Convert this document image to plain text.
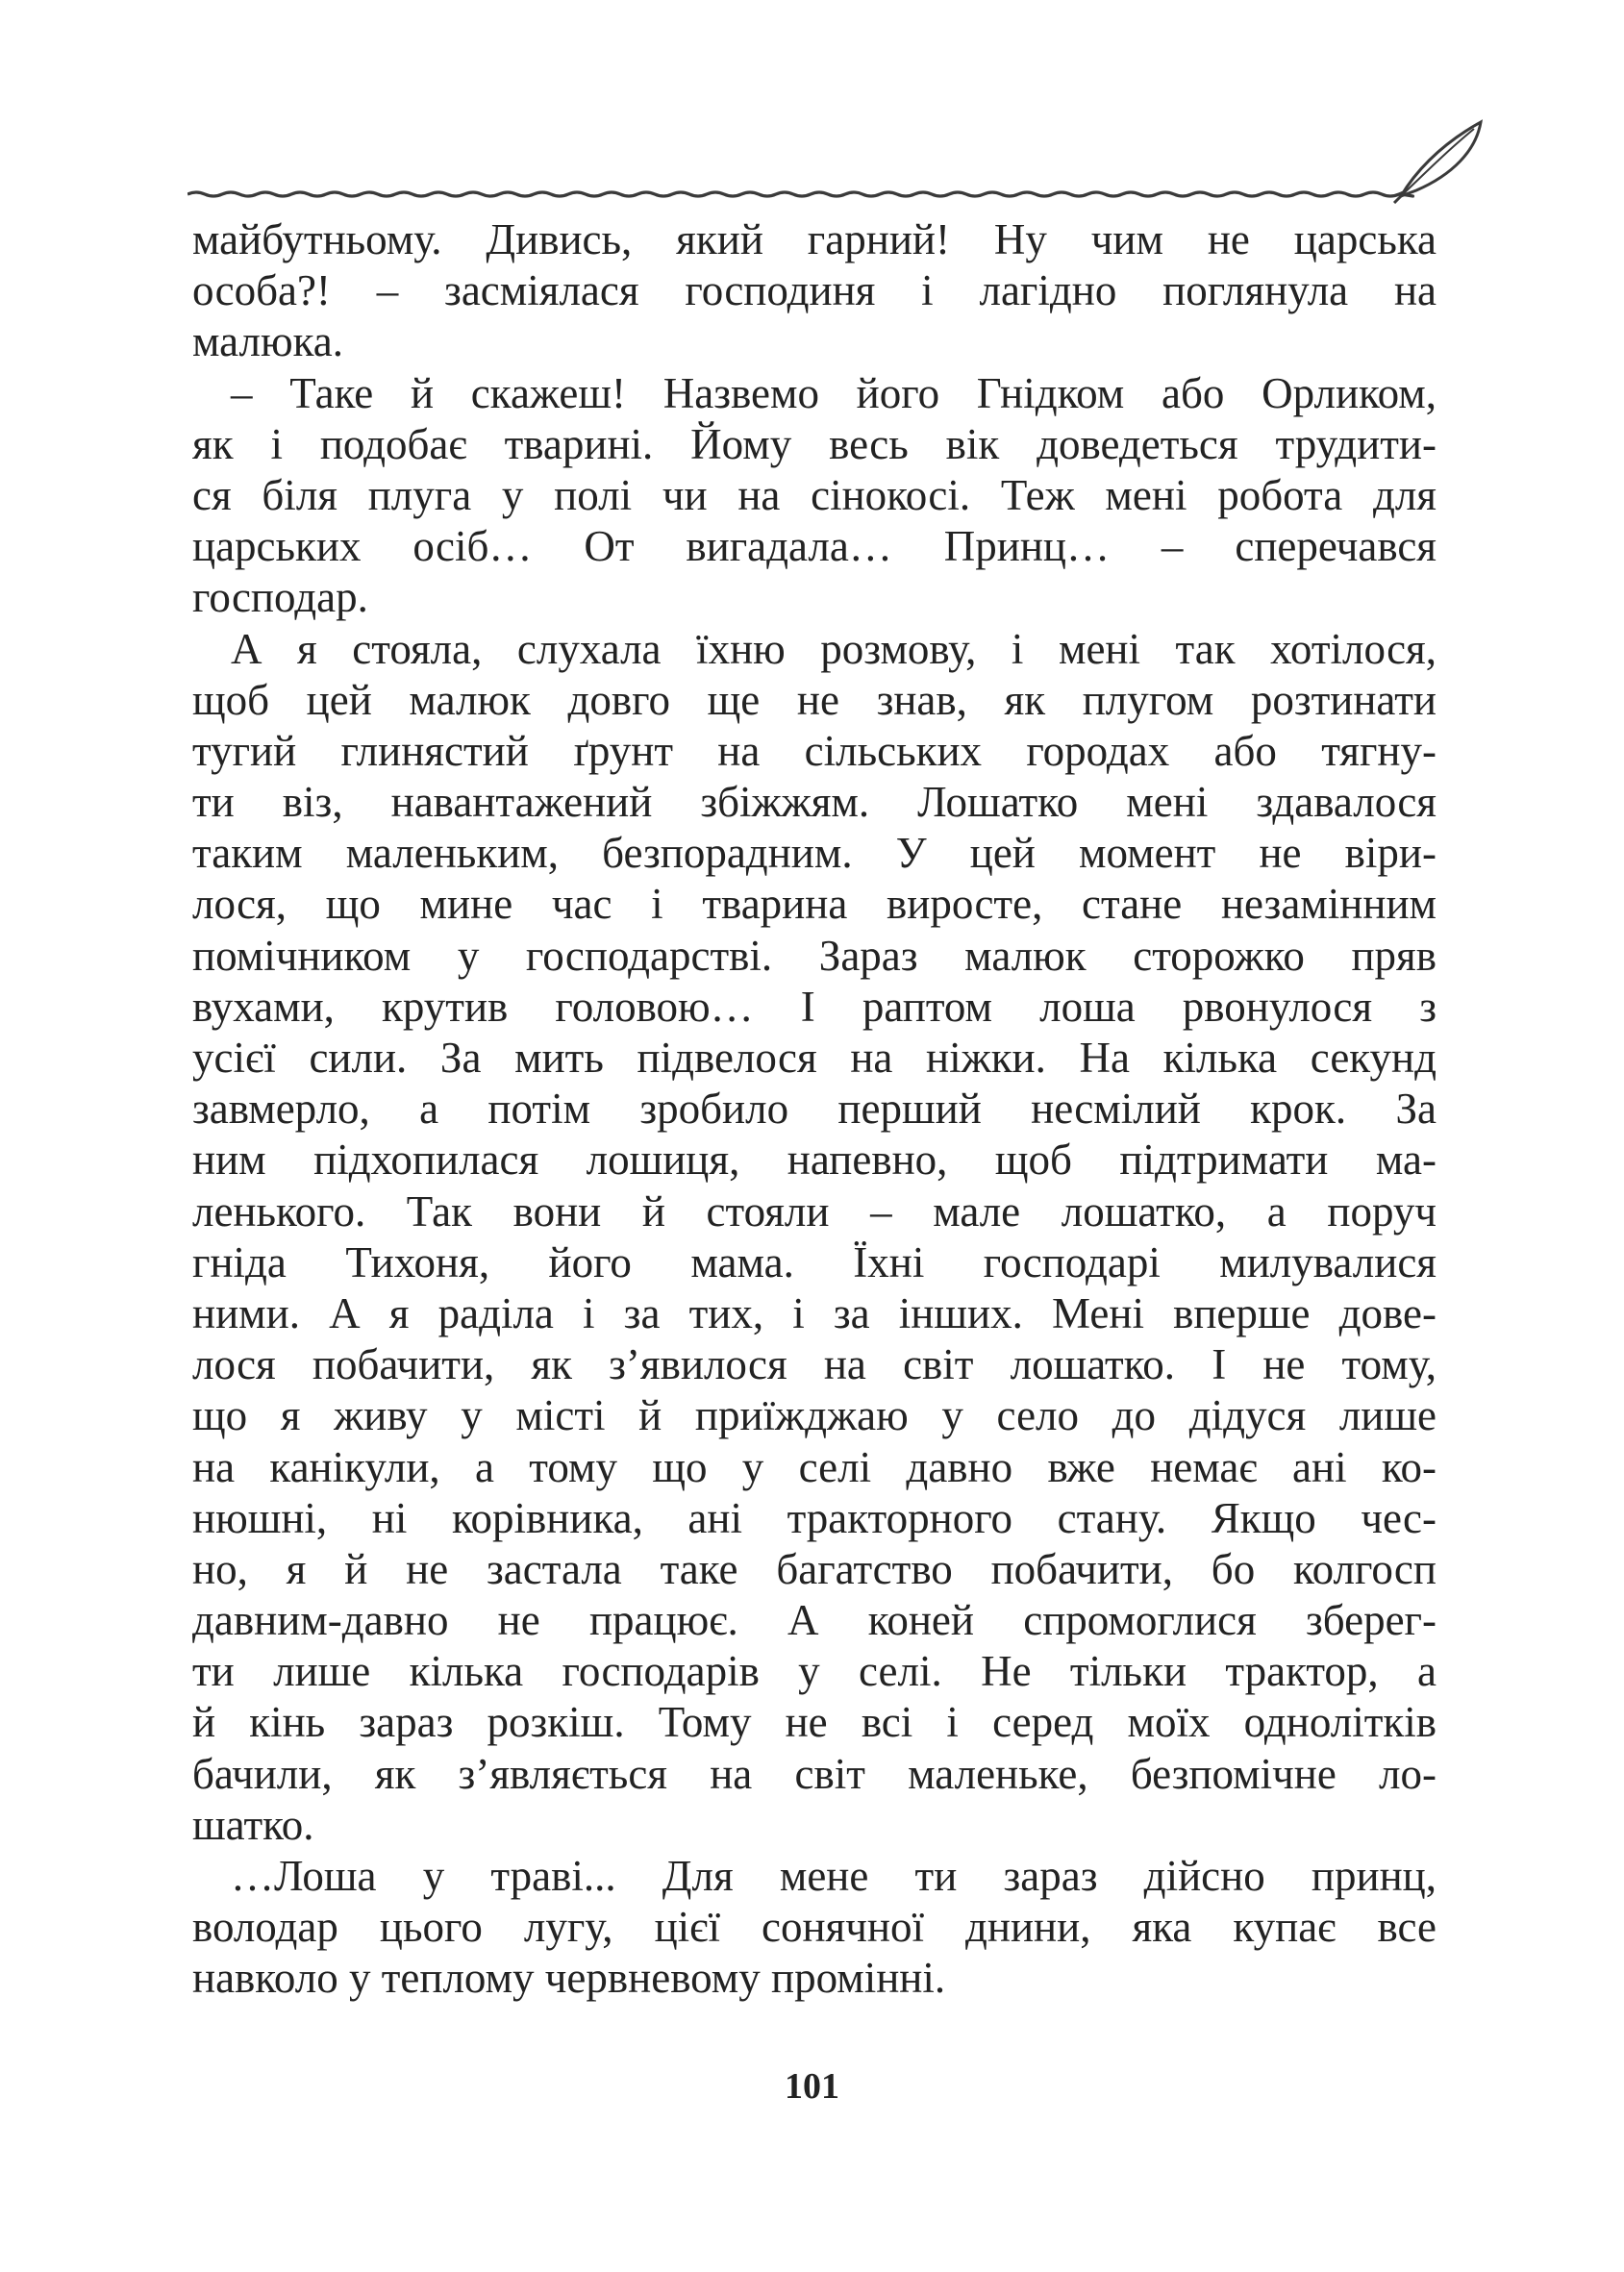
майбутньому. Дивись, який гарний! Ну чим не царська
особа?! – засміялася господиня і лагідно поглянула на
малюка.
– Таке й скажеш! Назвемо його Гнідком або Орликом,
як і подобає тварині. Йому весь вік доведеться трудити-
ся біля плуга у полі чи на сінокосі. Теж мені робота для
царських осіб… От вигадала… Принц… – сперечався
господар.
А я стояла, слухала їхню розмову, і мені так хотілося,
щоб цей малюк довго ще не знав, як плугом розтинати
тугий глинястий ґрунт на сільських городах або тягну-
ти віз, навантажений збіжжям. Лошатко мені здавалося
таким маленьким, безпорадним. У цей момент не віри-
лося, що мине час і тварина виросте, стане незамінним
помічником у господарстві. Зараз малюк сторожко пряв
вухами, крутив головою… І раптом лоша рвонулося з
усієї сили. За мить підвелося на ніжки. На кілька секунд
завмерло, а потім зробило перший несмілий крок. За
ним підхопилася лошиця, напевно, щоб підтримати ма-
ленького. Так вони й стояли – мале лошатко, а поруч
гніда Тихоня, його мама. Їхні господарі милувалися
ними. А я раділа і за тих, і за інших. Мені вперше дове-
лося побачити, як з’явилося на світ лошатко. І не тому,
що я живу у місті й приїжджаю у село до дідуся лише
на канікули, а тому що у селі давно вже немає ані ко-
нюшні, ні корівника, ані тракторного стану. Якщо чес-
но, я й не застала таке багатство побачити, бо колгосп
давним-давно не працює. А коней спромоглися зберег-
ти лише кілька господарів у селі. Не тільки трактор, а
й кінь зараз розкіш. Тому не всі і серед моїх однолітків
бачили, як з’являється на світ маленьке, безпомічне ло-
шатко.
…Лоша у траві... Для мене ти зараз дійсно принц,
володар цього лугу, цієї сонячної днини, яка купає все
навколо у теплому червневому промінні.
101
